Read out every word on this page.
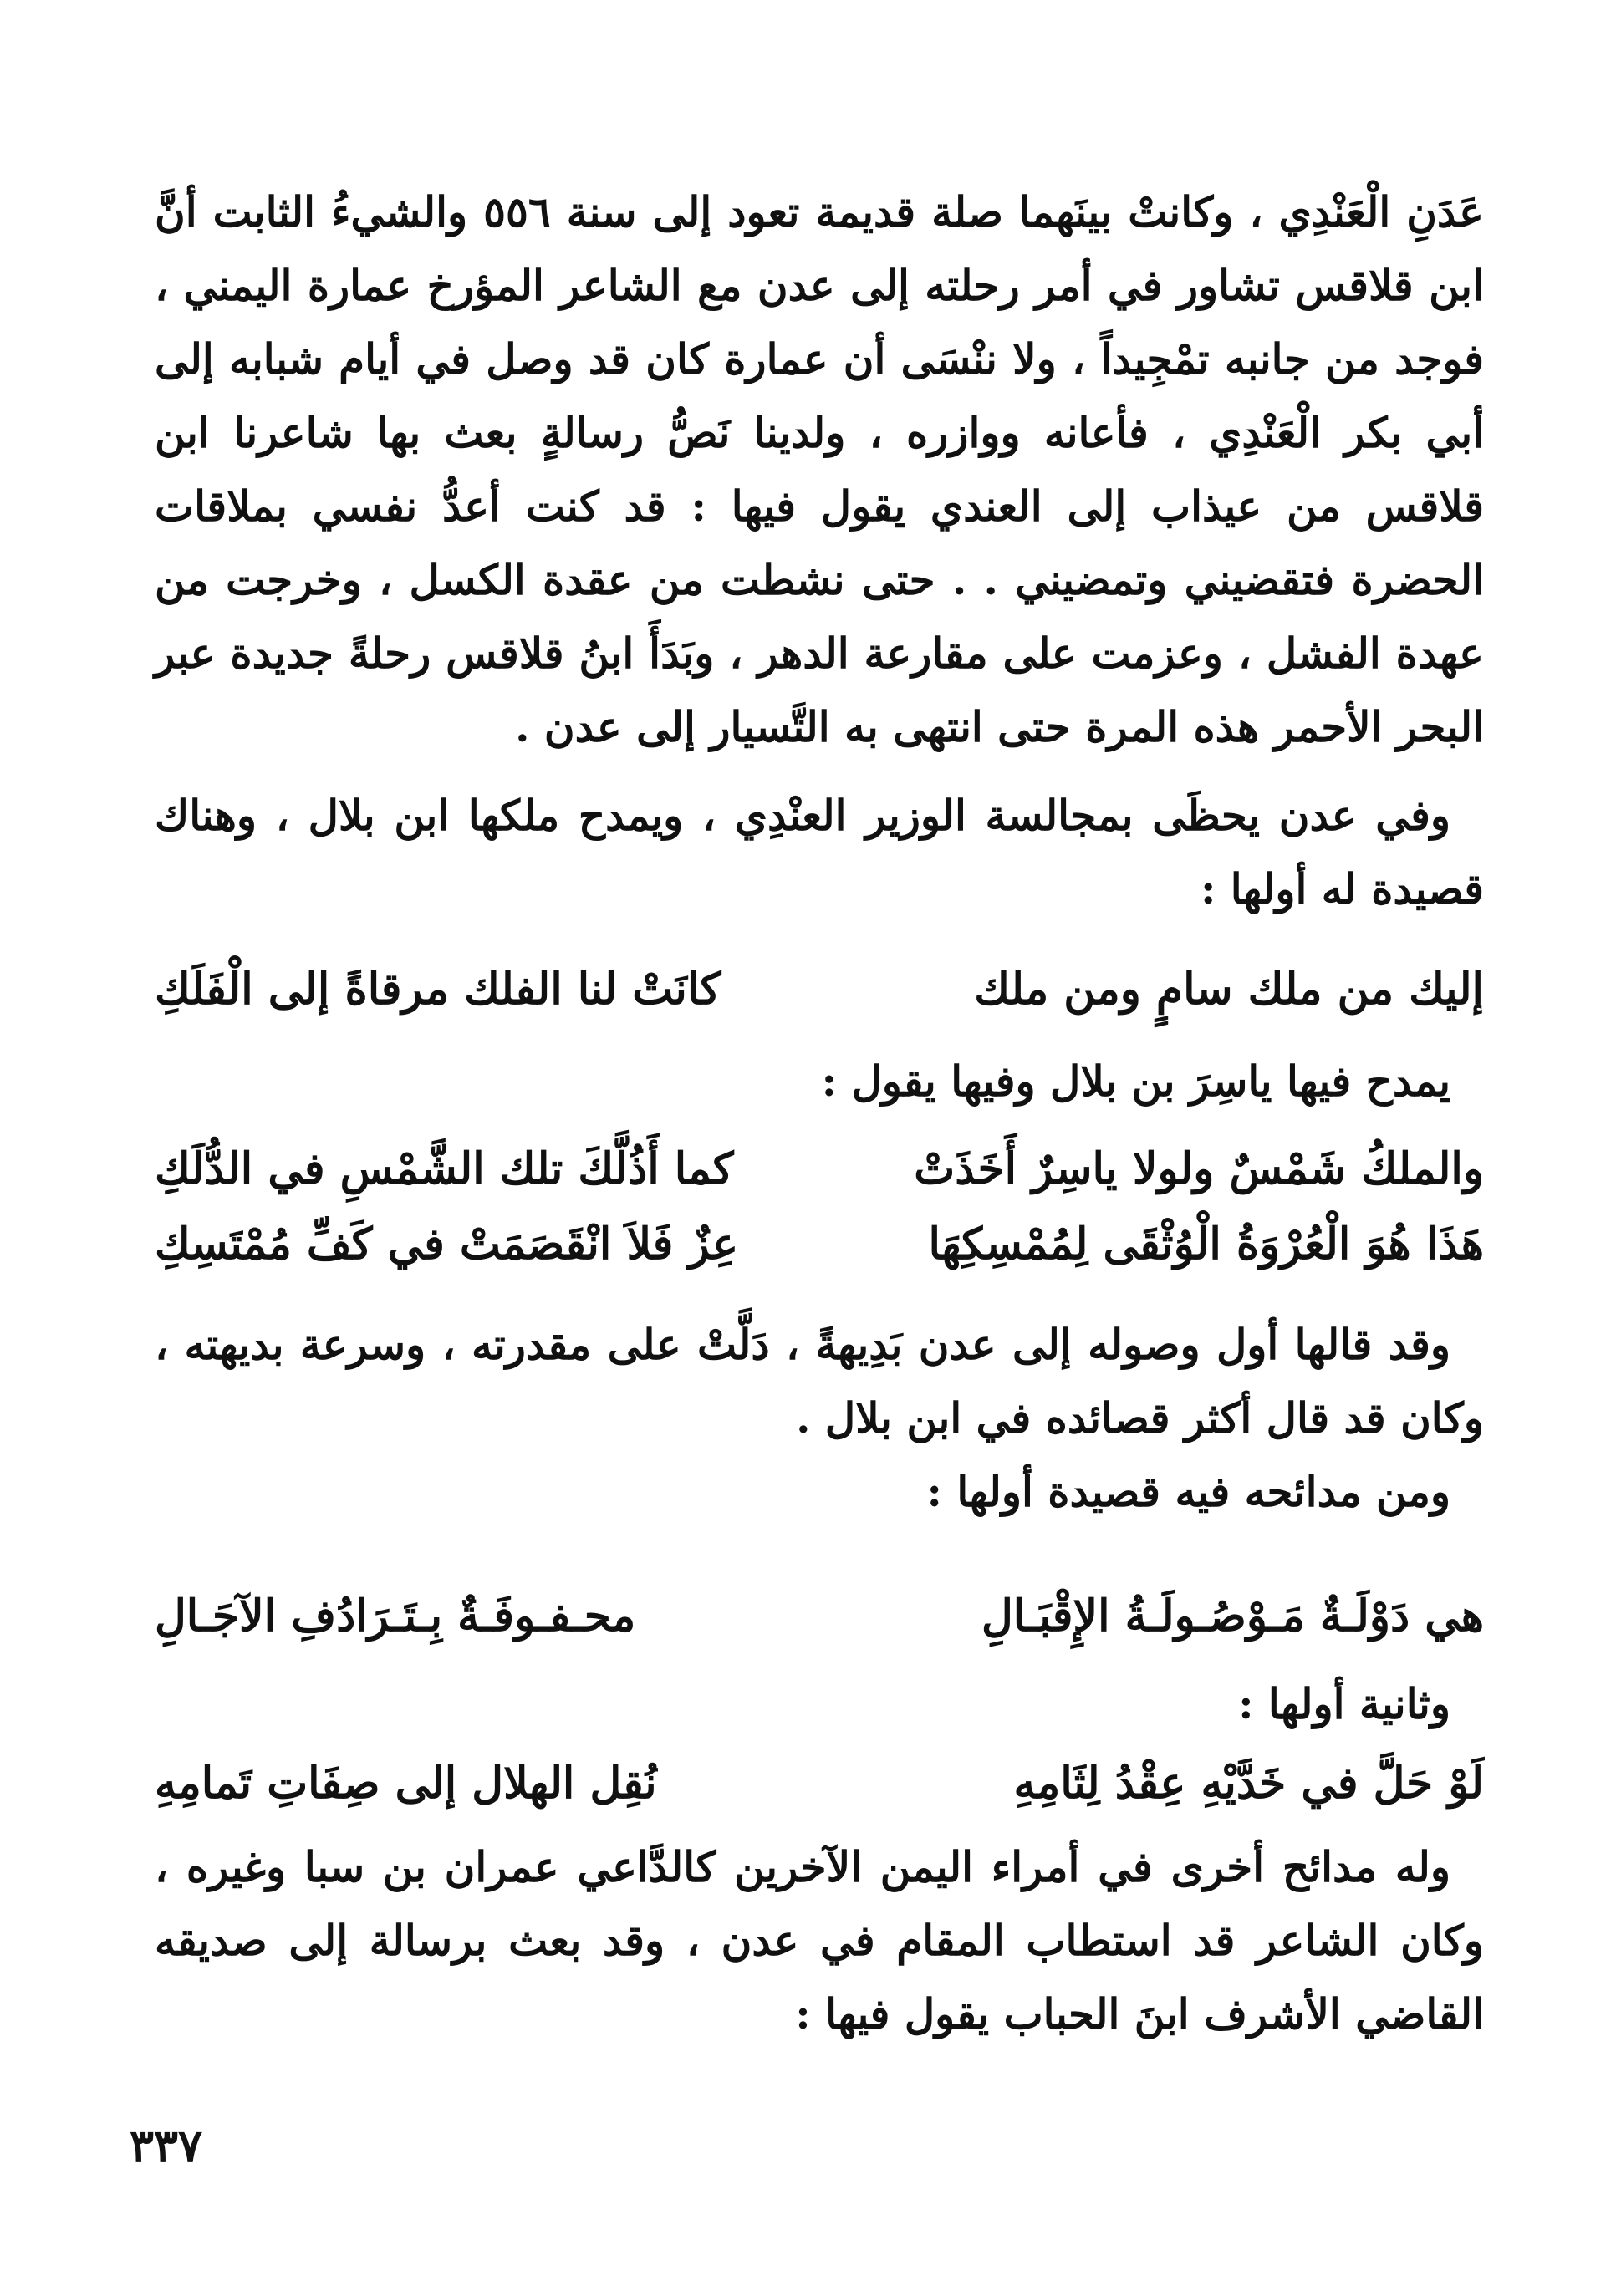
عَدَنِ الْعَنْدِي ، وكانتْ بينَهما صلة قديمة تعود إلى سنة ٥٥٦ والشيءُ الثابت أنَّ ابن قلاقس تشاور في أمر رحلته إلى عدن مع الشاعر المؤرخ عمارة اليمني ، فوجد من جانبه تمْجِيداً ، ولا ننْسَى أن عمارة كان قد وصل في أيام شبابه إلى أبي بكر الْعَنْدِي ، فأعانه ووازره ، ولدينا نَصُّ رسالةٍ بعث بها شاعرنا ابن قلاقس من عيذاب إلى العندي يقول فيها : قد كنت أعدُّ نفسي بملاقات الحضرة فتقضيني وتمضيني . . حتى نشطت من عقدة الكسل ، وخرجت من عهدة الفشل ، وعزمت على مقارعة الدهر ، وبَدَأَ ابنُ قلاقس رحلةً جديدة عبر البحر الأحمر هذه المرة حتى انتهى به التَّسيار إلى عدن .

وفي عدن يحظَى بمجالسة الوزير العنْدِي ، ويمدح ملكها ابن بلال ، وهناك قصيدة له أولها :

إليك من ملك سامٍ ومن ملك
كانَتْ لنا الفلك مرقاةً إلى الْفَلَكِ

يمدح فيها ياسِرَ بن بلال وفيها يقول :

والملكُ شَمْسٌ ولولا ياسِرٌ أَخَذَتْ
كما أَذُلَّكَ تلك الشَّمْسِ في الدُّلَكِ
هَذَا هُوَ الْعُرْوَةُ الْوُثْقَى لِمُمْسِكِهَا
عِزٌ فَلاَ انْقَصَمَتْ في كَفِّ مُمْتَسِكِ

وقد قالها أول وصوله إلى عدن بَدِيهةً ، دَلَّتْ على مقدرته ، وسرعة بديهته ، وكان قد قال أكثر قصائده في ابن بلال .

ومن مدائحه فيه قصيدة أولها :

هي دَوْلَـةٌ مَـوْصُـولَـةُ الإِقْبَـالِ
محـفـوفَـةٌ بِـتَـرَادُفِ الآجَـالِ

وثانية أولها :

لَوْ حَلَّ في خَدَّيْهِ عِقْدُ لِثَامِهِ
نُقِل الهلال إلى صِفَاتِ تَمامِهِ

وله مدائح أخرى في أمراء اليمن الآخرين كالدَّاعي عمران بن سبا وغيره ، وكان الشاعر قد استطاب المقام في عدن ، وقد بعث برسالة إلى صديقه القاضي الأشرف ابنَ الحباب يقول فيها :

٣٣٧
